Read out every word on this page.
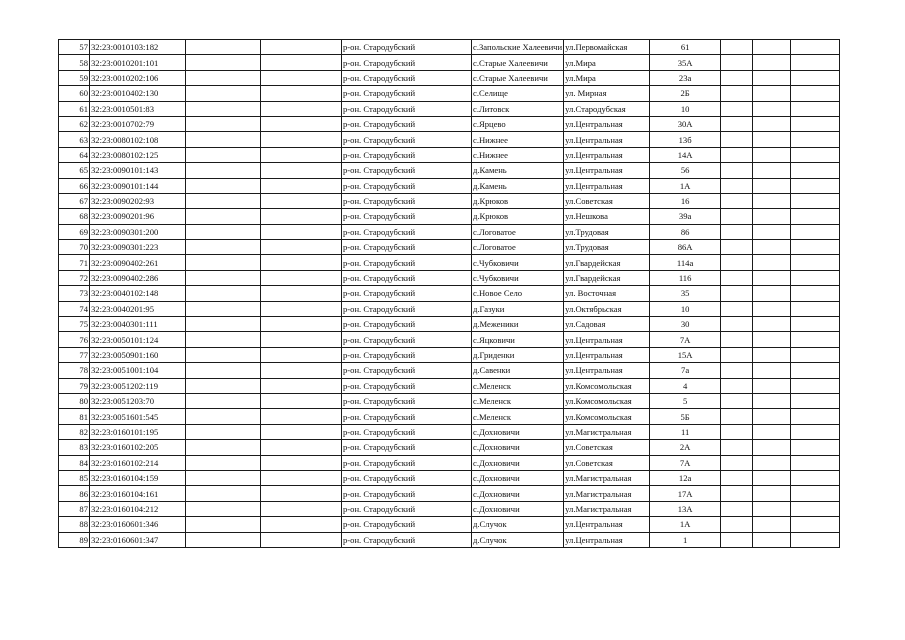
57	32:23:0010103:182			р-он. Стародубский	с.Запольские Халеевичи	ул.Первомайская	61			
58	32:23:0010201:101			р-он. Стародубский	с.Старые Халеевичи	ул.Мира	35А			
59	32:23:0010202:106			р-он. Стародубский	с.Старые Халеевичи	ул.Мира	23а			
60	32:23:0010402:130			р-он. Стародубский	с.Селище	ул. Мирная	2Б			
61	32:23:0010501:83			р-он. Стародубский	с.Литовск	ул.Стародубская	10			
62	32:23:0010702:79			р-он. Стародубский	с.Ярцево	ул.Центральная	30А			
63	32:23:0080102:108			р-он. Стародубский	с.Нижнее	ул.Центральная	13б			
64	32:23:0080102:125			р-он. Стародубский	с.Нижнее	ул.Центральная	14А			
65	32:23:0090101:143			р-он. Стародубский	д.Камень	ул.Центральная	56			
66	32:23:0090101:144			р-он. Стародубский	д.Камень	ул.Центральная	1А			
67	32:23:0090202:93			р-он. Стародубский	д.Крюков	ул.Советская	16			
68	32:23:0090201:96			р-он. Стародубский	д.Крюков	ул.Нешкова	39а			
69	32:23:0090301:200			р-он. Стародубский	с.Логоватое	ул.Трудовая	86			
70	32:23:0090301:223			р-он. Стародубский	с.Логоватое	ул.Трудовая	86А			
71	32:23:0090402:261			р-он. Стародубский	с.Чубковичи	ул.Гвардейская	114а			
72	32:23:0090402:286			р-он. Стародубский	с.Чубковичи	ул.Гвардейская	116			
73	32:23:0040102:148			р-он. Стародубский	с.Новое Село	ул. Восточная	35			
74	32:23:0040201:95			р-он. Стародубский	д.Газуки	ул.Октябрьская	10			
75	32:23:0040301:111			р-он. Стародубский	д.Меженики	ул.Садовая	30			
76	32:23:0050101:124			р-он. Стародубский	с.Яцковичи	ул.Центральная	7А			
77	32:23:0050901:160			р-он. Стародубский	д.Гриденки	ул.Центральная	15А			
78	32:23:0051001:104			р-он. Стародубский	д.Савенки	ул.Центральная	7а			
79	32:23:0051202:119			р-он. Стародубский	с.Меленск	ул.Комсомольская	4			
80	32:23:0051203:70			р-он. Стародубский	с.Меленск	ул.Комсомольская	5			
81	32:23:0051601:545			р-он. Стародубский	с.Меленск	ул.Комсомольская	5Б			
82	32:23:0160101:195			р-он. Стародубский	с.Дохновичи	ул.Магистральная	11			
83	32:23:0160102:205			р-он. Стародубский	с.Дохновичи	ул.Советская	2А			
84	32:23:0160102:214			р-он. Стародубский	с.Дохновичи	ул.Советская	7А			
85	32:23:0160104:159			р-он. Стародубский	с.Дохновичи	ул.Магистральная	12а			
86	32:23:0160104:161			р-он. Стародубский	с.Дохновичи	ул.Магистральная	17А			
87	32:23:0160104:212			р-он. Стародубский	с.Дохновичи	ул.Магистральная	13А			
88	32:23:0160601:346			р-он. Стародубский	д.Случок	ул.Центральная	1А			
89	32:23:0160601:347			р-он. Стародубский	д.Случок	ул.Центральная	1			
